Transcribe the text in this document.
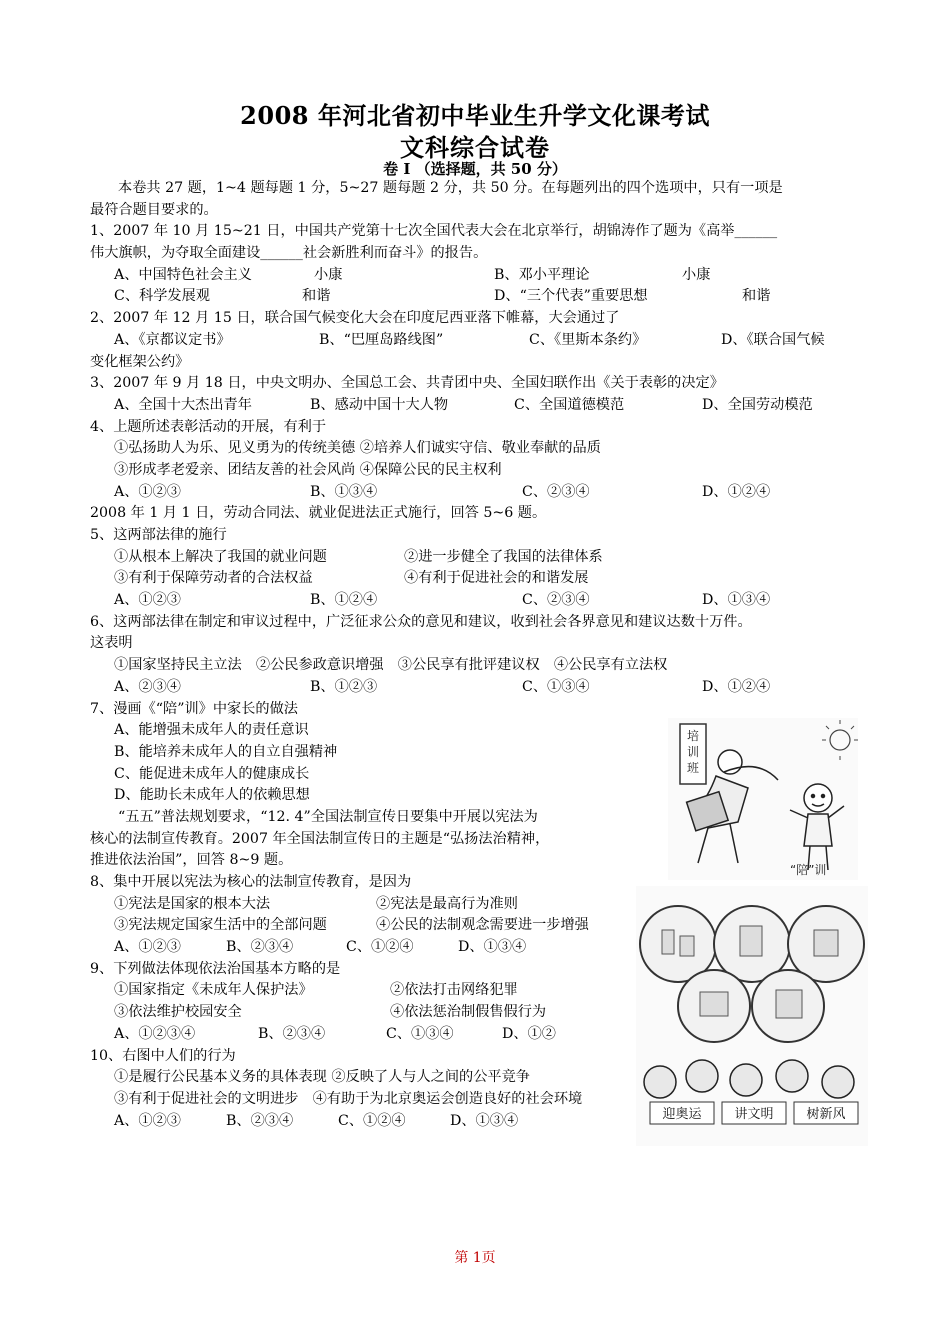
2008 年河北省初中毕业生升学文化课考试
文科综合试卷
卷 I （选择题，共 50 分）
本卷共 27 题，1~4 题每题 1 分，5~27 题每题 2 分，共 50 分。在每题列出的四个选项中，只有一项是
最符合题目要求的。
1、2007 年 10 月 15~21 日，中国共产党第十七次全国代表大会在北京举行，胡锦涛作了题为《高举______
伟大旗帜，为夺取全面建设______社会新胜利而奋斗》的报告。
A、中国特色社会主义	小康	B、邓小平理论	小康
C、科学发展观	和谐	D、“三个代表”重要思想	和谐
2、2007 年 12 月 15 日，联合国气候变化大会在印度尼西亚落下帷幕，大会通过了
A、《京都议定书》	B、“巴厘岛路线图”	C、《里斯本条约》	D、《联合国气候
变化框架公约》
3、2007 年 9 月 18 日，中央文明办、全国总工会、共青团中央、全国妇联作出《关于表彰的决定》
A、全国十大杰出青年	B、感动中国十大人物	C、全国道德模范	D、全国劳动模范
4、上题所述表彰活动的开展，有利于
①弘扬助人为乐、见义勇为的传统美德 ②培养人们诚实守信、敬业奉献的品质
③形成孝老爱亲、团结友善的社会风尚 ④保障公民的民主权利
A、①②③	B、①③④	C、②③④	D、①②④
2008 年 1 月 1 日，劳动合同法、就业促进法正式施行，回答 5~6 题。
5、这两部法律的施行
①从根本上解决了我国的就业问题	②进一步健全了我国的法律体系
③有利于保障劳动者的合法权益	④有利于促进社会的和谐发展
A、①②③	B、①②④	C、②③④	D、①③④
6、这两部法律在制定和审议过程中，广泛征求公众的意见和建议，收到社会各界意见和建议达数十万件。
这表明
①国家坚持民主立法　②公民参政意识增强　③公民享有批评建议权　④公民享有立法权
A、②③④	B、①②③	C、①③④	D、①②④
7、漫画《“陪”训》中家长的做法
A、能增强未成年人的责任意识
B、能培养未成年人的自立自强精神
C、能促进未成年人的健康成长
D、能助长未成年人的依赖思想
“五五”普法规划要求，“12. 4”全国法制宣传日要集中开展以宪法为
核心的法制宣传教育。2007 年全国法制宣传日的主题是“弘扬法治精神，
推进依法治国”，回答 8~9 题。
8、集中开展以宪法为核心的法制宣传教育，是因为
①宪法是国家的根本大法	②宪法是最高行为准则
③宪法规定国家生活中的全部问题	④公民的法制观念需要进一步增强
A、①②③	B、②③④	C、①②④	D、①③④
9、下列做法体现依法治国基本方略的是
①国家指定《未成年人保护法》	②依法打击网络犯罪
③依法维护校园安全	④依法惩治制假售假行为
A、①②③④	B、②③④	C、①③④	D、①②
10、右图中人们的行为
①是履行公民基本义务的具体表现 ②反映了人与人之间的公平竞争
③有利于促进社会的文明进步　④有助于为北京奥运会创造良好的社会环境
A、①②③	B、②③④	C、①②④	D、①③④
培
训
班
“陪”训
迎奥运	讲文明	树新风
第 1页
